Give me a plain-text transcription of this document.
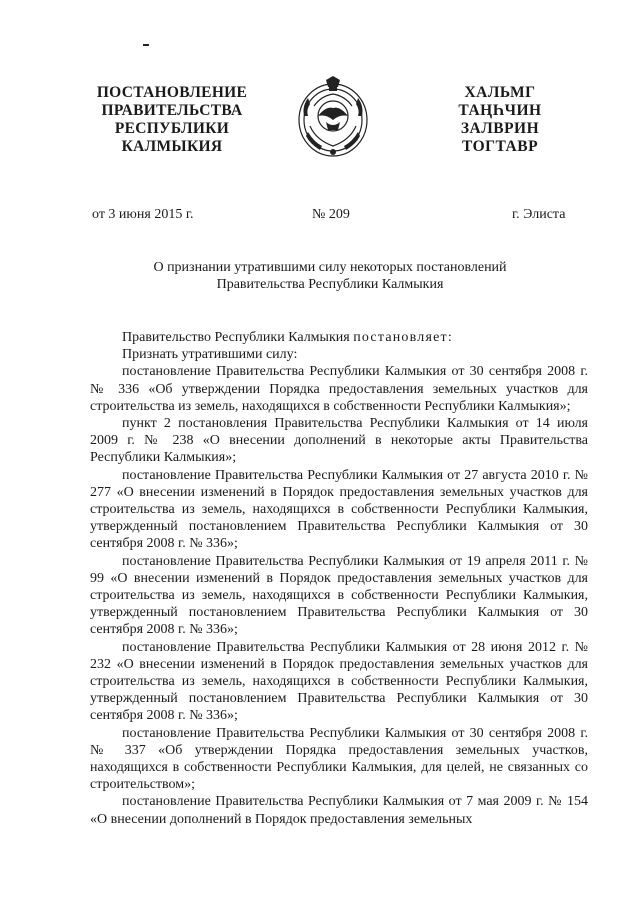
ПОСТАНОВЛЕНИЕ
ПРАВИТЕЛЬСТВА
РЕСПУБЛИКИ
КАЛМЫКИЯ
ХАЛЬМГ
ТАҢҺЧИН
ЗАЛВРИН
ТОГТАВР
от 3 июня 2015 г.	№ 209	г. Элиста
О признании утратившими силу некоторых постановлений
Правительства Республики Калмыкия

Правительство Республики Калмыкия постановляет:

Признать утратившими силу:

постановление Правительства Республики Калмыкия от 30 сентября 2008 г. № 336 «Об утверждении Порядка предоставления земельных участков для строительства из земель, находящихся в собственности Республики Калмыкия»;

пункт 2 постановления Правительства Республики Калмыкия от 14 июля 2009 г. № 238 «О внесении дополнений в некоторые акты Правительства Республики Калмыкия»;

постановление Правительства Республики Калмыкия от 27 августа 2010 г. № 277 «О внесении изменений в Порядок предоставления земельных участков для строительства из земель, находящихся в собственности Республики Калмыкия, утвержденный постановлением Правительства Республики Калмыкия от 30 сентября 2008 г. № 336»;

постановление Правительства Республики Калмыкия от 19 апреля 2011 г. № 99 «О внесении изменений в Порядок предоставления земельных участков для строительства из земель, находящихся в собственности Республики Калмыкия, утвержденный постановлением Правительства Республики Калмыкия от 30 сентября 2008 г. № 336»;

постановление Правительства Республики Калмыкия от 28 июня 2012 г. № 232 «О внесении изменений в Порядок предоставления земельных участков для строительства из земель, находящихся в собственности Республики Калмыкия, утвержденный постановлением Правительства Республики Калмыкия от 30 сентября 2008 г. № 336»;

постановление Правительства Республики Калмыкия от 30 сентября 2008 г. № 337 «Об утверждении Порядка предоставления земельных участков, находящихся в собственности Республики Калмыкия, для целей, не связанных со строительством»;

постановление Правительства Республики Калмыкия от 7 мая 2009 г. № 154 «О внесении дополнений в Порядок предоставления земельных
